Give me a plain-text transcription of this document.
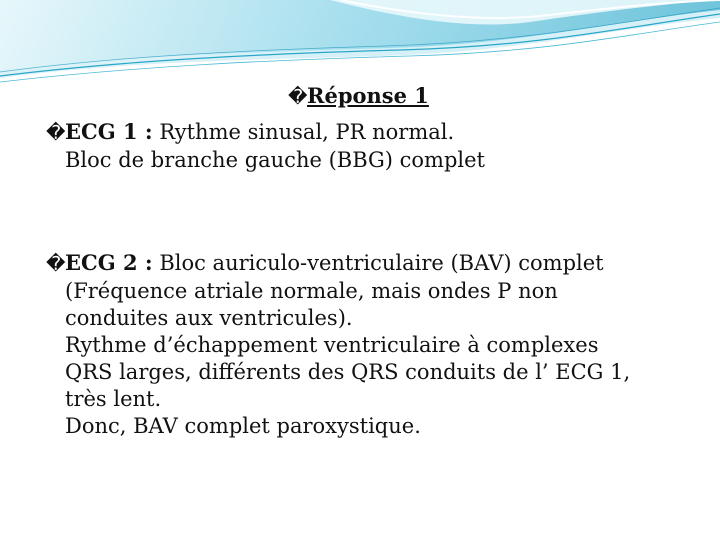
�Réponse 1
�ECG 1 : Rythme sinusal, PR normal.
Bloc de branche gauche (BBG) complet
�ECG 2 : Bloc auriculo-ventriculaire (BAV) complet
(Fréquence atriale normale, mais ondes P non
conduites aux ventricules).
Rythme d’échappement ventriculaire à complexes
QRS larges, différents des QRS conduits de l’ ECG 1,
très lent.
Donc, BAV complet paroxystique.
